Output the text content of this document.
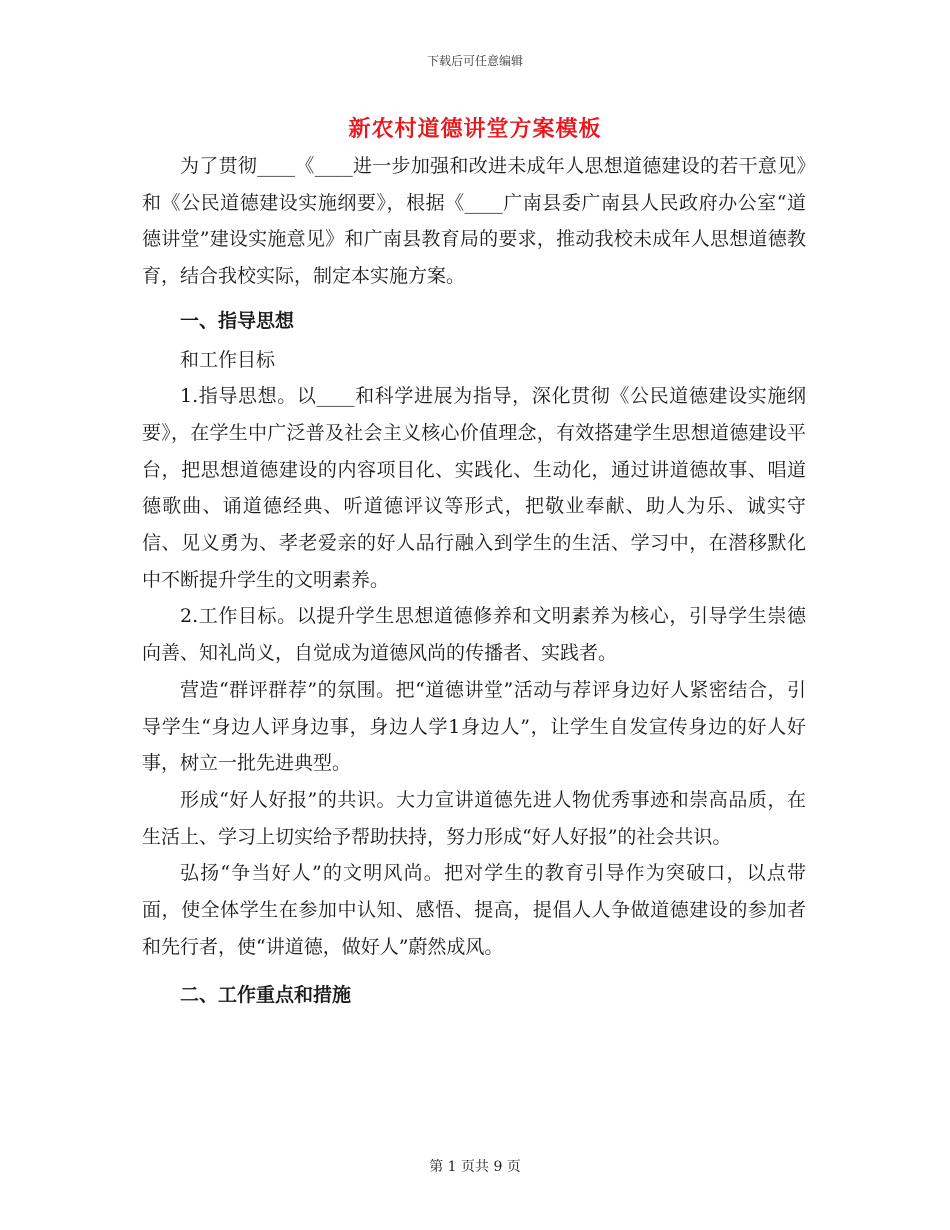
下载后可任意编辑
新农村道德讲堂方案模板

为了贯彻____《____进一步加强和改进未成年人思想道德建设的若干意见》和《公民道德建设实施纲要》，根据《____广南县委广南县人民政府办公室“道德讲堂”建设实施意见》和广南县教育局的要求，推动我校未成年人思想道德教育，结合我校实际，制定本实施方案。

一、指导思想

和工作目标

1.指导思想。以____和科学进展为指导，深化贯彻《公民道德建设实施纲要》，在学生中广泛普及社会主义核心价值理念，有效搭建学生思想道德建设平台，把思想道德建设的内容项目化、实践化、生动化，通过讲道德故事、唱道德歌曲、诵道德经典、听道德评议等形式，把敬业奉献、助人为乐、诚实守信、见义勇为、孝老爱亲的好人品行融入到学生的生活、学习中，在潜移默化中不断提升学生的文明素养。

2.工作目标。以提升学生思想道德修养和文明素养为核心，引导学生崇德向善、知礼尚义，自觉成为道德风尚的传播者、实践者。

营造“群评群荐”的氛围。把“道德讲堂”活动与荐评身边好人紧密结合，引导学生“身边人评身边事，身边人学1身边人”，让学生自发宣传身边的好人好事，树立一批先进典型。

形成“好人好报”的共识。大力宣讲道德先进人物优秀事迹和崇高品质，在生活上、学习上切实给予帮助扶持，努力形成“好人好报”的社会共识。

弘扬“争当好人”的文明风尚。把对学生的教育引导作为突破口，以点带面，使全体学生在参加中认知、感悟、提高，提倡人人争做道德建设的参加者和先行者，使“讲道德，做好人”蔚然成风。

二、工作重点和措施
第 1 页共 9 页
